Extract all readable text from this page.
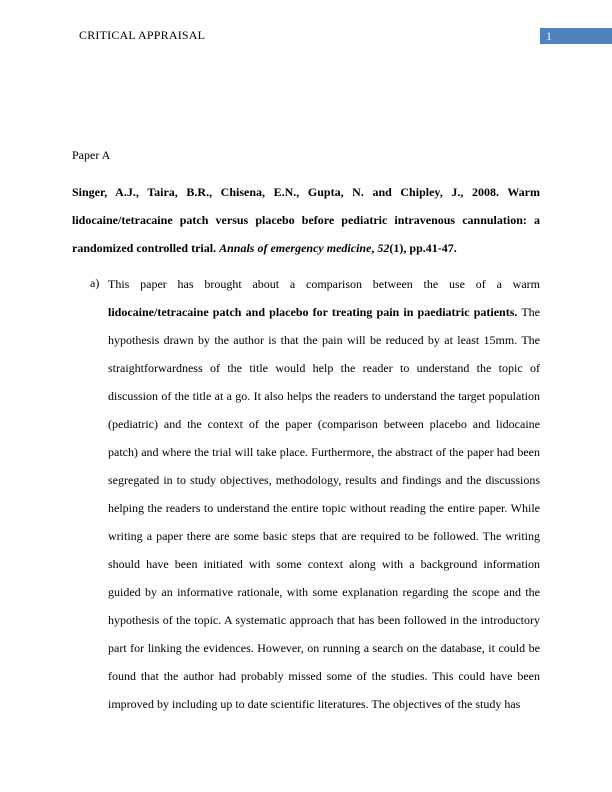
CRITICAL APPRAISAL	1
Paper A
Singer, A.J., Taira, B.R., Chisena, E.N., Gupta, N. and Chipley, J., 2008. Warm lidocaine/tetracaine patch versus placebo before pediatric intravenous cannulation: a randomized controlled trial. Annals of emergency medicine, 52(1), pp.41-47.
a) This paper has brought about a comparison between the use of a warm lidocaine/tetracaine patch and placebo for treating pain in paediatric patients. The hypothesis drawn by the author is that the pain will be reduced by at least 15mm. The straightforwardness of the title would help the reader to understand the topic of discussion of the title at a go. It also helps the readers to understand the target population (pediatric) and the context of the paper (comparison between placebo and lidocaine patch) and where the trial will take place. Furthermore, the abstract of the paper had been segregated in to study objectives, methodology, results and findings and the discussions helping the readers to understand the entire topic without reading the entire paper. While writing a paper there are some basic steps that are required to be followed. The writing should have been initiated with some context along with a background information guided by an informative rationale, with some explanation regarding the scope and the hypothesis of the topic. A systematic approach that has been followed in the introductory part for linking the evidences. However, on running a search on the database, it could be found that the author had probably missed some of the studies. This could have been improved by including up to date scientific literatures. The objectives of the study has
